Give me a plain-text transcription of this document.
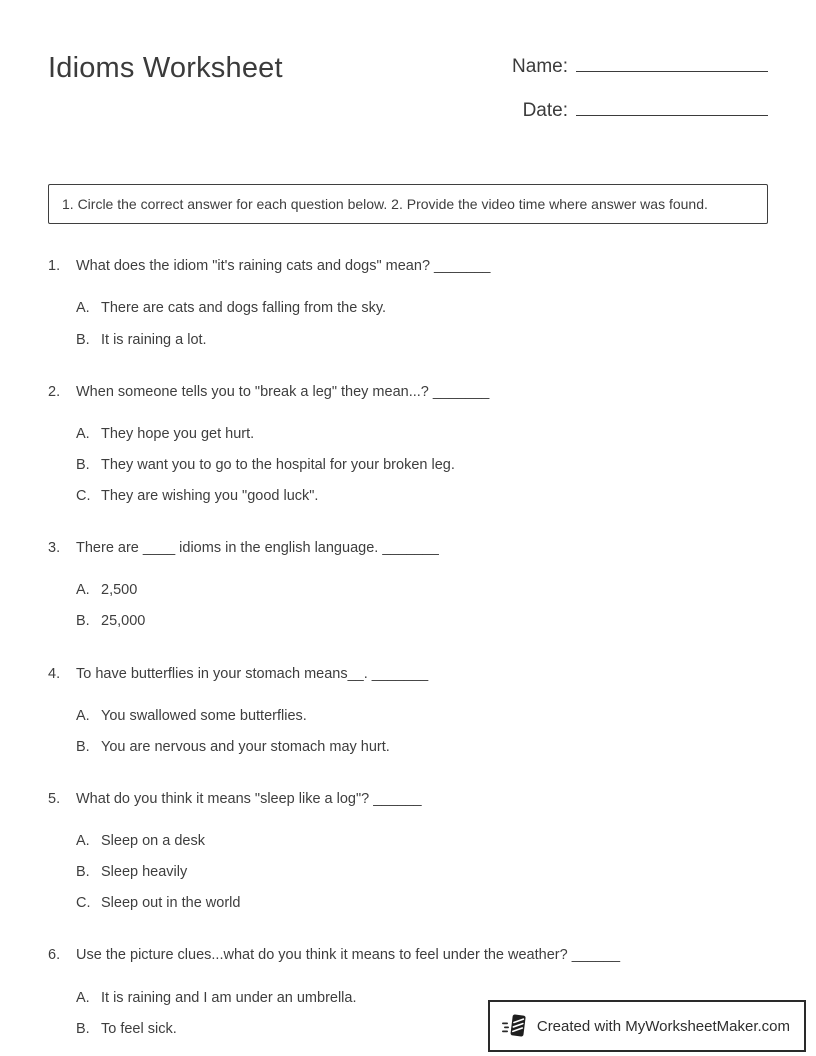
Idioms Worksheet	Name:
Date:
1. Circle the correct answer for each question below. 2. Provide the video time where answer was found.
1.	What does the idiom "it's raining cats and dogs" mean? _______
A. There are cats and dogs falling from the sky.
B. It is raining a lot.
2.	When someone tells you to "break a leg" they mean...? _______
A. They hope you get hurt.
B. They want you to go to the hospital for your broken leg.
C. They are wishing you "good luck".
3.	There are ____ idioms in the english language. _______
A. 2,500
B. 25,000
4.	To have butterflies in your stomach means__. _______
A. You swallowed some butterflies.
B. You are nervous and your stomach may hurt.
5.	What do you think it means "sleep like a log"? ______
A. Sleep on a desk
B. Sleep heavily
C. Sleep out in the world
6.	Use the picture clues...what do you think it means to feel under the weather? ______
A. It is raining and I am under an umbrella.
B. To feel sick.	Created with MyWorksheetMaker.com
